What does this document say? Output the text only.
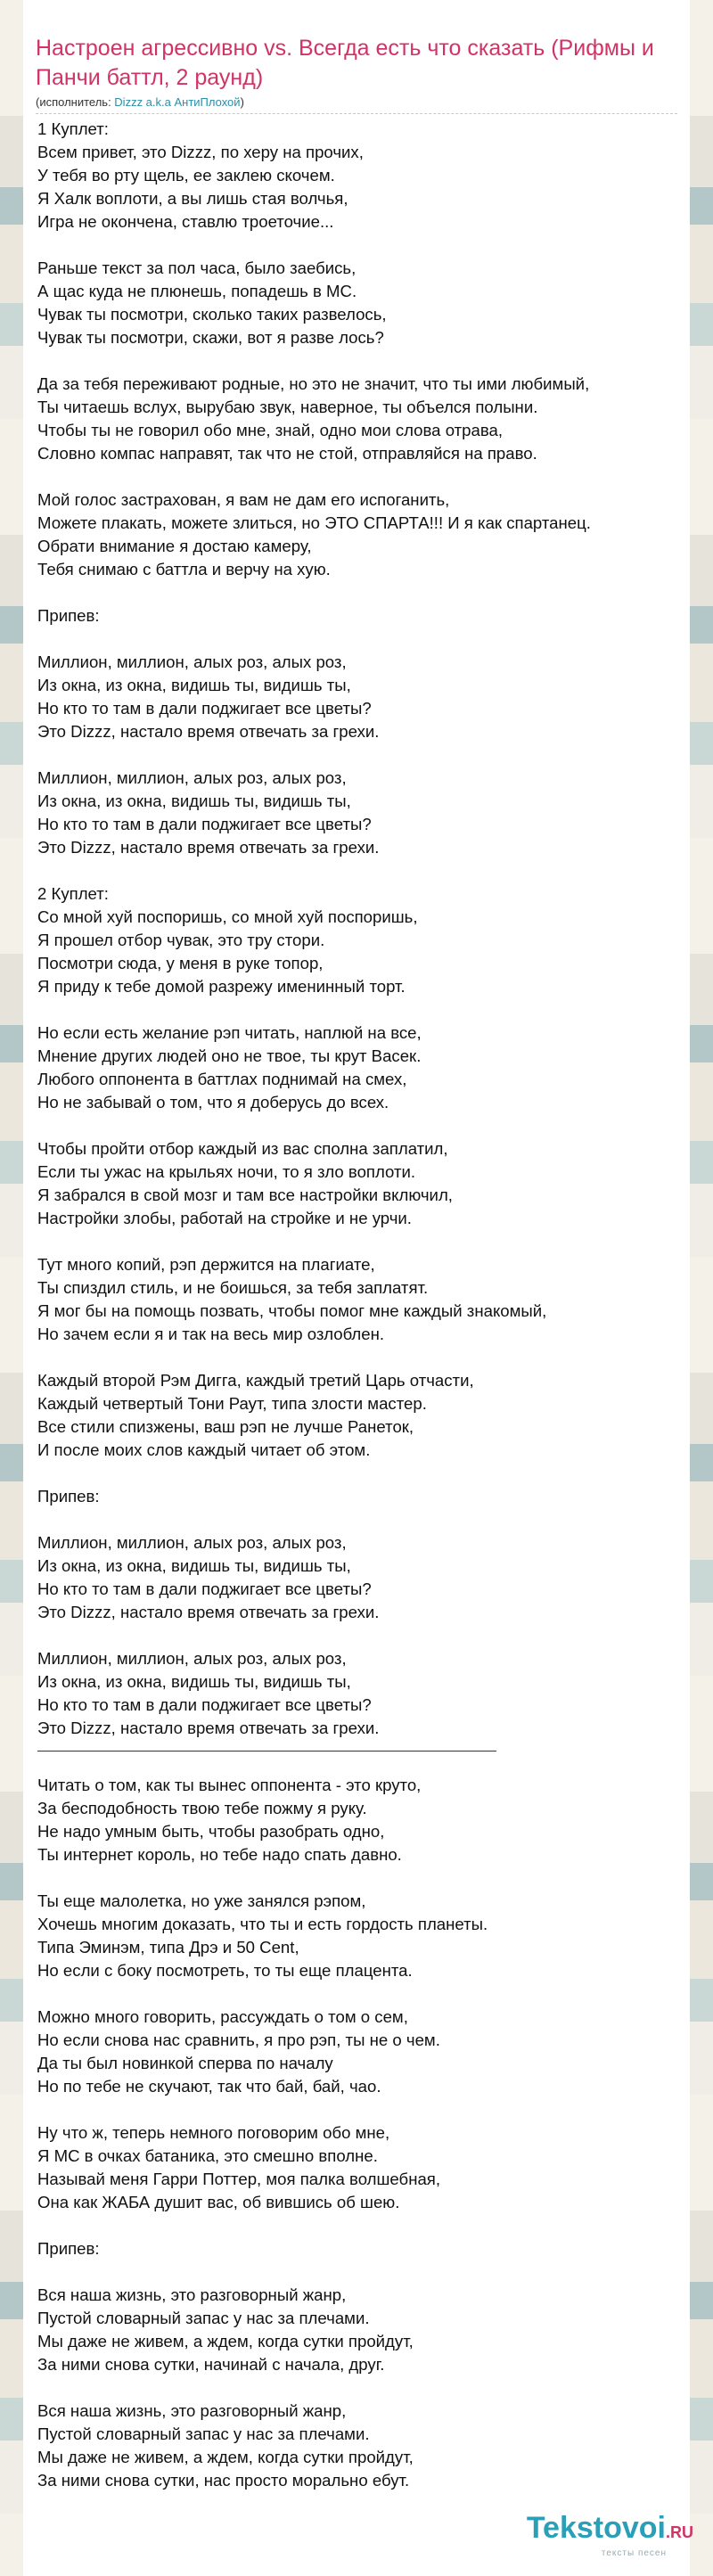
Настроен агрессивно vs. Всегда есть что сказать (Рифмы и Панчи баттл, 2 раунд)
(исполнитель: Dizzz a.k.a АнтиПлохой)
1 Куплет:
Всем привет, это Dizzz, по херу на прочих,
У тебя во рту щель, ее заклею скочем.
Я Халк воплоти, а вы лишь стая волчья,
Игра не окончена, ставлю троеточие...
Раньше текст за пол часа, было заебись,
А щас куда не плюнешь, попадешь в МС.
Чувак ты посмотри, сколько таких развелось,
Чувак ты посмотри, скажи, вот я разве лось?
Да за тебя переживают родные, но это не значит, что ты ими любимый,
Ты читаешь вслух, вырубаю звук, наверное, ты объелся полыни.
Чтобы ты не говорил обо мне, знай, одно мои слова отрава,
Словно компас направят, так что не стой, отправляйся на право.
Мой голос застрахован, я вам не дам его испоганить,
Можете плакать, можете злиться, но ЭТО СПАРТА!!! И я как спартанец.
Обрати внимание я достаю камеру,
Тебя снимаю с баттла и верчу на хую.
Припев:
Миллион, миллион, алых роз, алых роз,
Из окна, из окна, видишь ты, видишь ты,
Но кто то там в дали поджигает все цветы?
Это Dizzz, настало время отвечать за грехи.
Миллион, миллион, алых роз, алых роз,
Из окна, из окна, видишь ты, видишь ты,
Но кто то там в дали поджигает все цветы?
Это Dizzz, настало время отвечать за грехи.
2 Куплет:
Со мной хуй поспоришь, со мной хуй поспоришь,
Я прошел отбор чувак, это тру стори.
Посмотри сюда, у меня в руке топор,
Я приду к тебе домой разрежу именинный торт.
Но если есть желание рэп читать, наплюй на все,
Мнение других людей оно не твое, ты крут Васек.
Любого оппонента в баттлах поднимай на смех,
Но не забывай о том, что я доберусь до всех.
Чтобы пройти отбор каждый из вас сполна заплатил,
Если ты ужас на крыльях ночи, то я зло воплоти.
Я забрался в свой мозг и там все настройки включил,
Настройки злобы, работай на стройке и не урчи.
Тут много копий, рэп держится на плагиате,
Ты спиздил стиль, и не боишься, за тебя заплатят.
Я мог бы на помощь позвать, чтобы помог мне каждый знакомый,
Но зачем если я и так на весь мир озлоблен.
Каждый второй Рэм Дигга, каждый третий Царь отчасти,
Каждый четвертый Тони Раут, типа злости мастер.
Все стили спизжены, ваш рэп не лучше Ранеток,
И после моих слов каждый читает об этом.
Припев:
Миллион, миллион, алых роз, алых роз,
Из окна, из окна, видишь ты, видишь ты,
Но кто то там в дали поджигает все цветы?
Это Dizzz, настало время отвечать за грехи.
Миллион, миллион, алых роз, алых роз,
Из окна, из окна, видишь ты, видишь ты,
Но кто то там в дали поджигает все цветы?
Это Dizzz, настало время отвечать за грехи.
Читать о том, как ты вынес оппонента - это круто,
За бесподобность твою тебе пожму я руку.
Не надо умным быть, чтобы разобрать одно,
Ты интернет король, но тебе надо спать давно.
Ты еще малолетка, но уже занялся рэпом,
Хочешь многим доказать, что ты и есть гордость планеты.
Типа Эминэм, типа Дрэ и 50 Cent,
Но если с боку посмотреть, то ты еще плацента.
Можно много говорить, рассуждать о том о сем,
Но если снова нас сравнить, я про рэп, ты не о чем.
Да ты был новинкой сперва по началу
Но по тебе не скучают, так что бай, бай, чао.
Ну что ж, теперь немного поговорим обо мне,
Я МС в очках батаника, это смешно вполне.
Называй меня Гарри Поттер, моя палка волшебная,
Она как ЖАБА душит вас, об вившись об шею.
Припев:
Вся наша жизнь, это разговорный жанр,
Пустой словарный запас у нас за плечами.
Мы даже не живем, а ждем, когда сутки пройдут,
За ними снова сутки, начинай с начала, друг.
Вся наша жизнь, это разговорный жанр,
Пустой словарный запас у нас за плечами.
Мы даже не живем, а ждем, когда сутки пройдут,
За ними снова сутки, нас просто морально ебут.
Tekstovoi.RU
тексты песен
